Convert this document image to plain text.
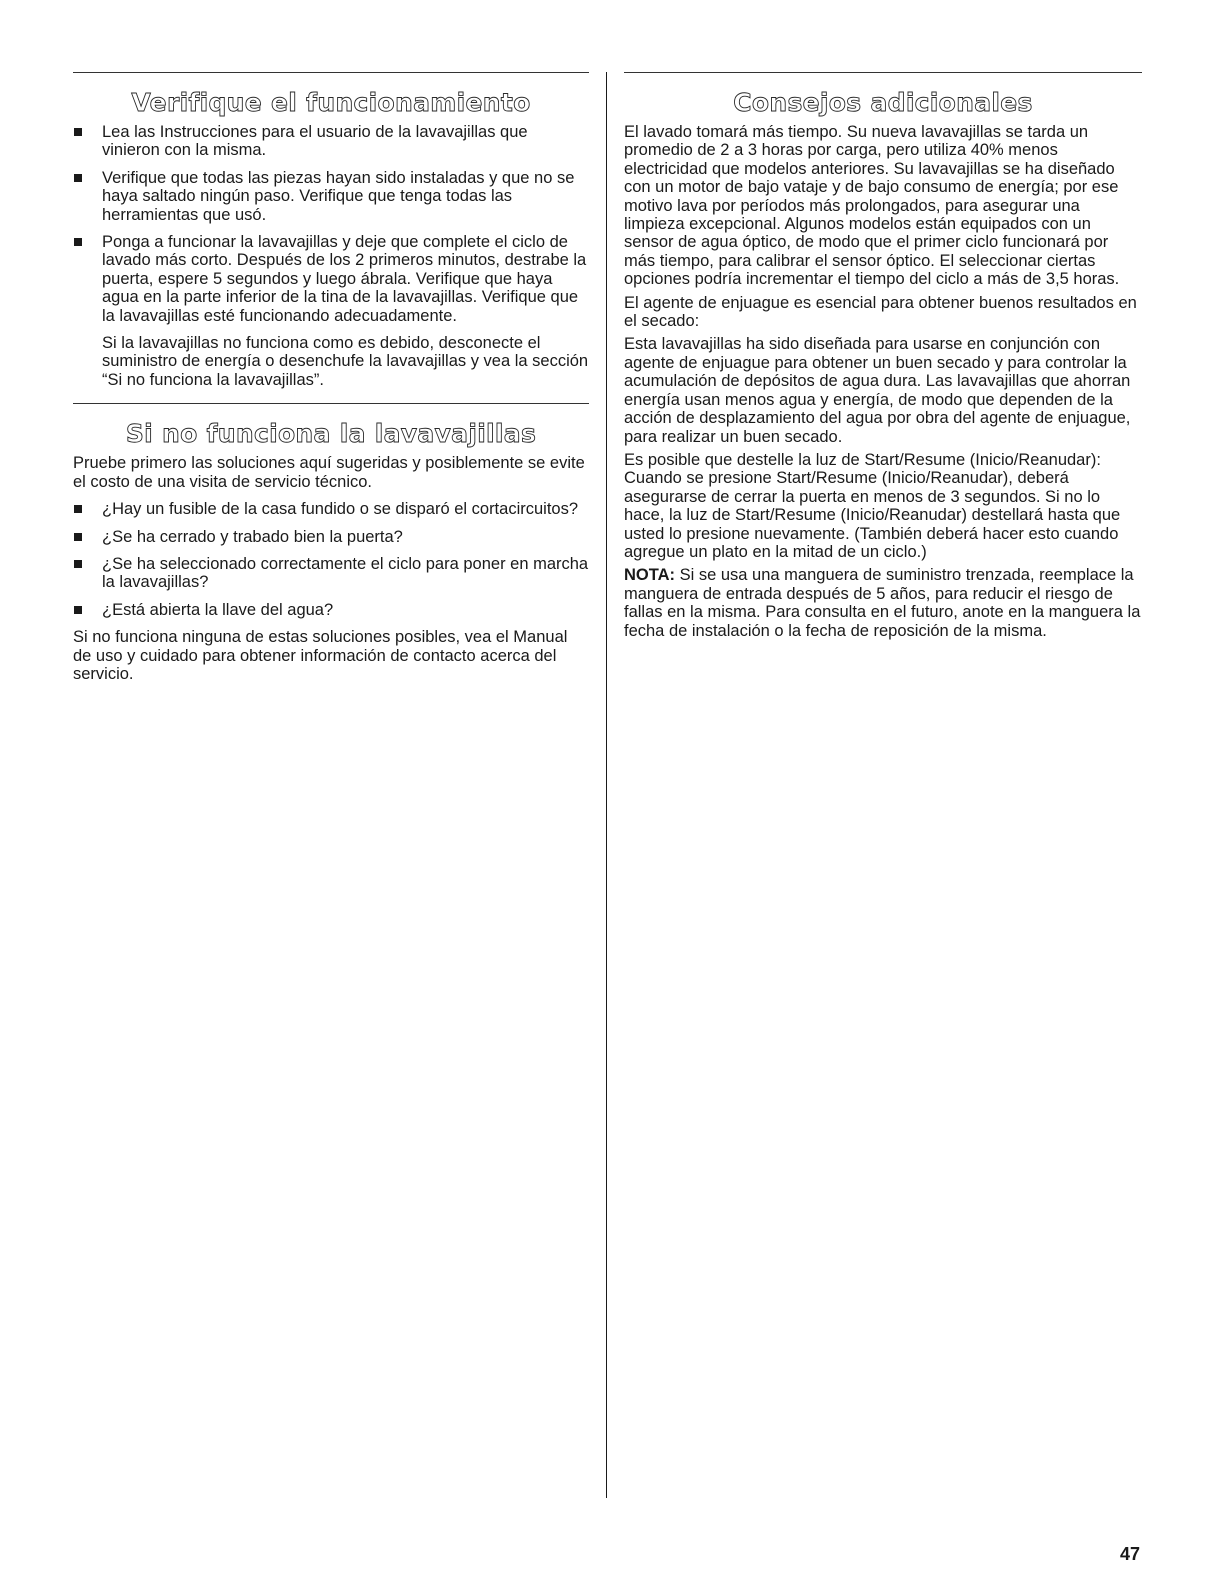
Verifique el funcionamiento
Lea las Instrucciones para el usuario de la lavavajillas que vinieron con la misma.
Verifique que todas las piezas hayan sido instaladas y que no se haya saltado ningún paso. Verifique que tenga todas las herramientas que usó.
Ponga a funcionar la lavavajillas y deje que complete el ciclo de lavado más corto. Después de los 2 primeros minutos, destrabe la puerta, espere 5 segundos y luego ábrala. Verifique que haya agua en la parte inferior de la tina de la lavavajillas. Verifique que la lavavajillas esté funcionando adecuadamente.

Si la lavavajillas no funciona como es debido, desconecte el suministro de energía o desenchufe la lavavajillas y vea la sección “Si no funciona la lavavajillas”.

Si no funciona la lavavajillas

Pruebe primero las soluciones aquí sugeridas y posiblemente se evite el costo de una visita de servicio técnico.

¿Hay un fusible de la casa fundido o se disparó el cortacircuitos?
¿Se ha cerrado y trabado bien la puerta?
¿Se ha seleccionado correctamente el ciclo para poner en marcha la lavavajillas?
¿Está abierta la llave del agua?

Si no funciona ninguna de estas soluciones posibles, vea el Manual de uso y cuidado para obtener información de contacto acerca del servicio.

Consejos adicionales

El lavado tomará más tiempo. Su nueva lavavajillas se tarda un promedio de 2 a 3 horas por carga, pero utiliza 40% menos electricidad que modelos anteriores. Su lavavajillas se ha diseñado con un motor de bajo vataje y de bajo consumo de energía; por ese motivo lava por períodos más prolongados, para asegurar una limpieza excepcional. Algunos modelos están equipados con un sensor de agua óptico, de modo que el primer ciclo funcionará por más tiempo, para calibrar el sensor óptico. El seleccionar ciertas opciones podría incrementar el tiempo del ciclo a más de 3,5 horas.

El agente de enjuague es esencial para obtener buenos resultados en el secado:

Esta lavavajillas ha sido diseñada para usarse en conjunción con agente de enjuague para obtener un buen secado y para controlar la acumulación de depósitos de agua dura. Las lavavajillas que ahorran energía usan menos agua y energía, de modo que dependen de la acción de desplazamiento del agua por obra del agente de enjuague, para realizar un buen secado.

Es posible que destelle la luz de Start/Resume (Inicio/Reanudar): Cuando se presione Start/Resume (Inicio/Reanudar), deberá asegurarse de cerrar la puerta en menos de 3 segundos. Si no lo hace, la luz de Start/Resume (Inicio/Reanudar) destellará hasta que usted lo presione nuevamente. (También deberá hacer esto cuando agregue un plato en la mitad de un ciclo.)

NOTA: Si se usa una manguera de suministro trenzada, reemplace la manguera de entrada después de 5 años, para reducir el riesgo de fallas en la misma. Para consulta en el futuro, anote en la manguera la fecha de instalación o la fecha de reposición de la misma.

47
